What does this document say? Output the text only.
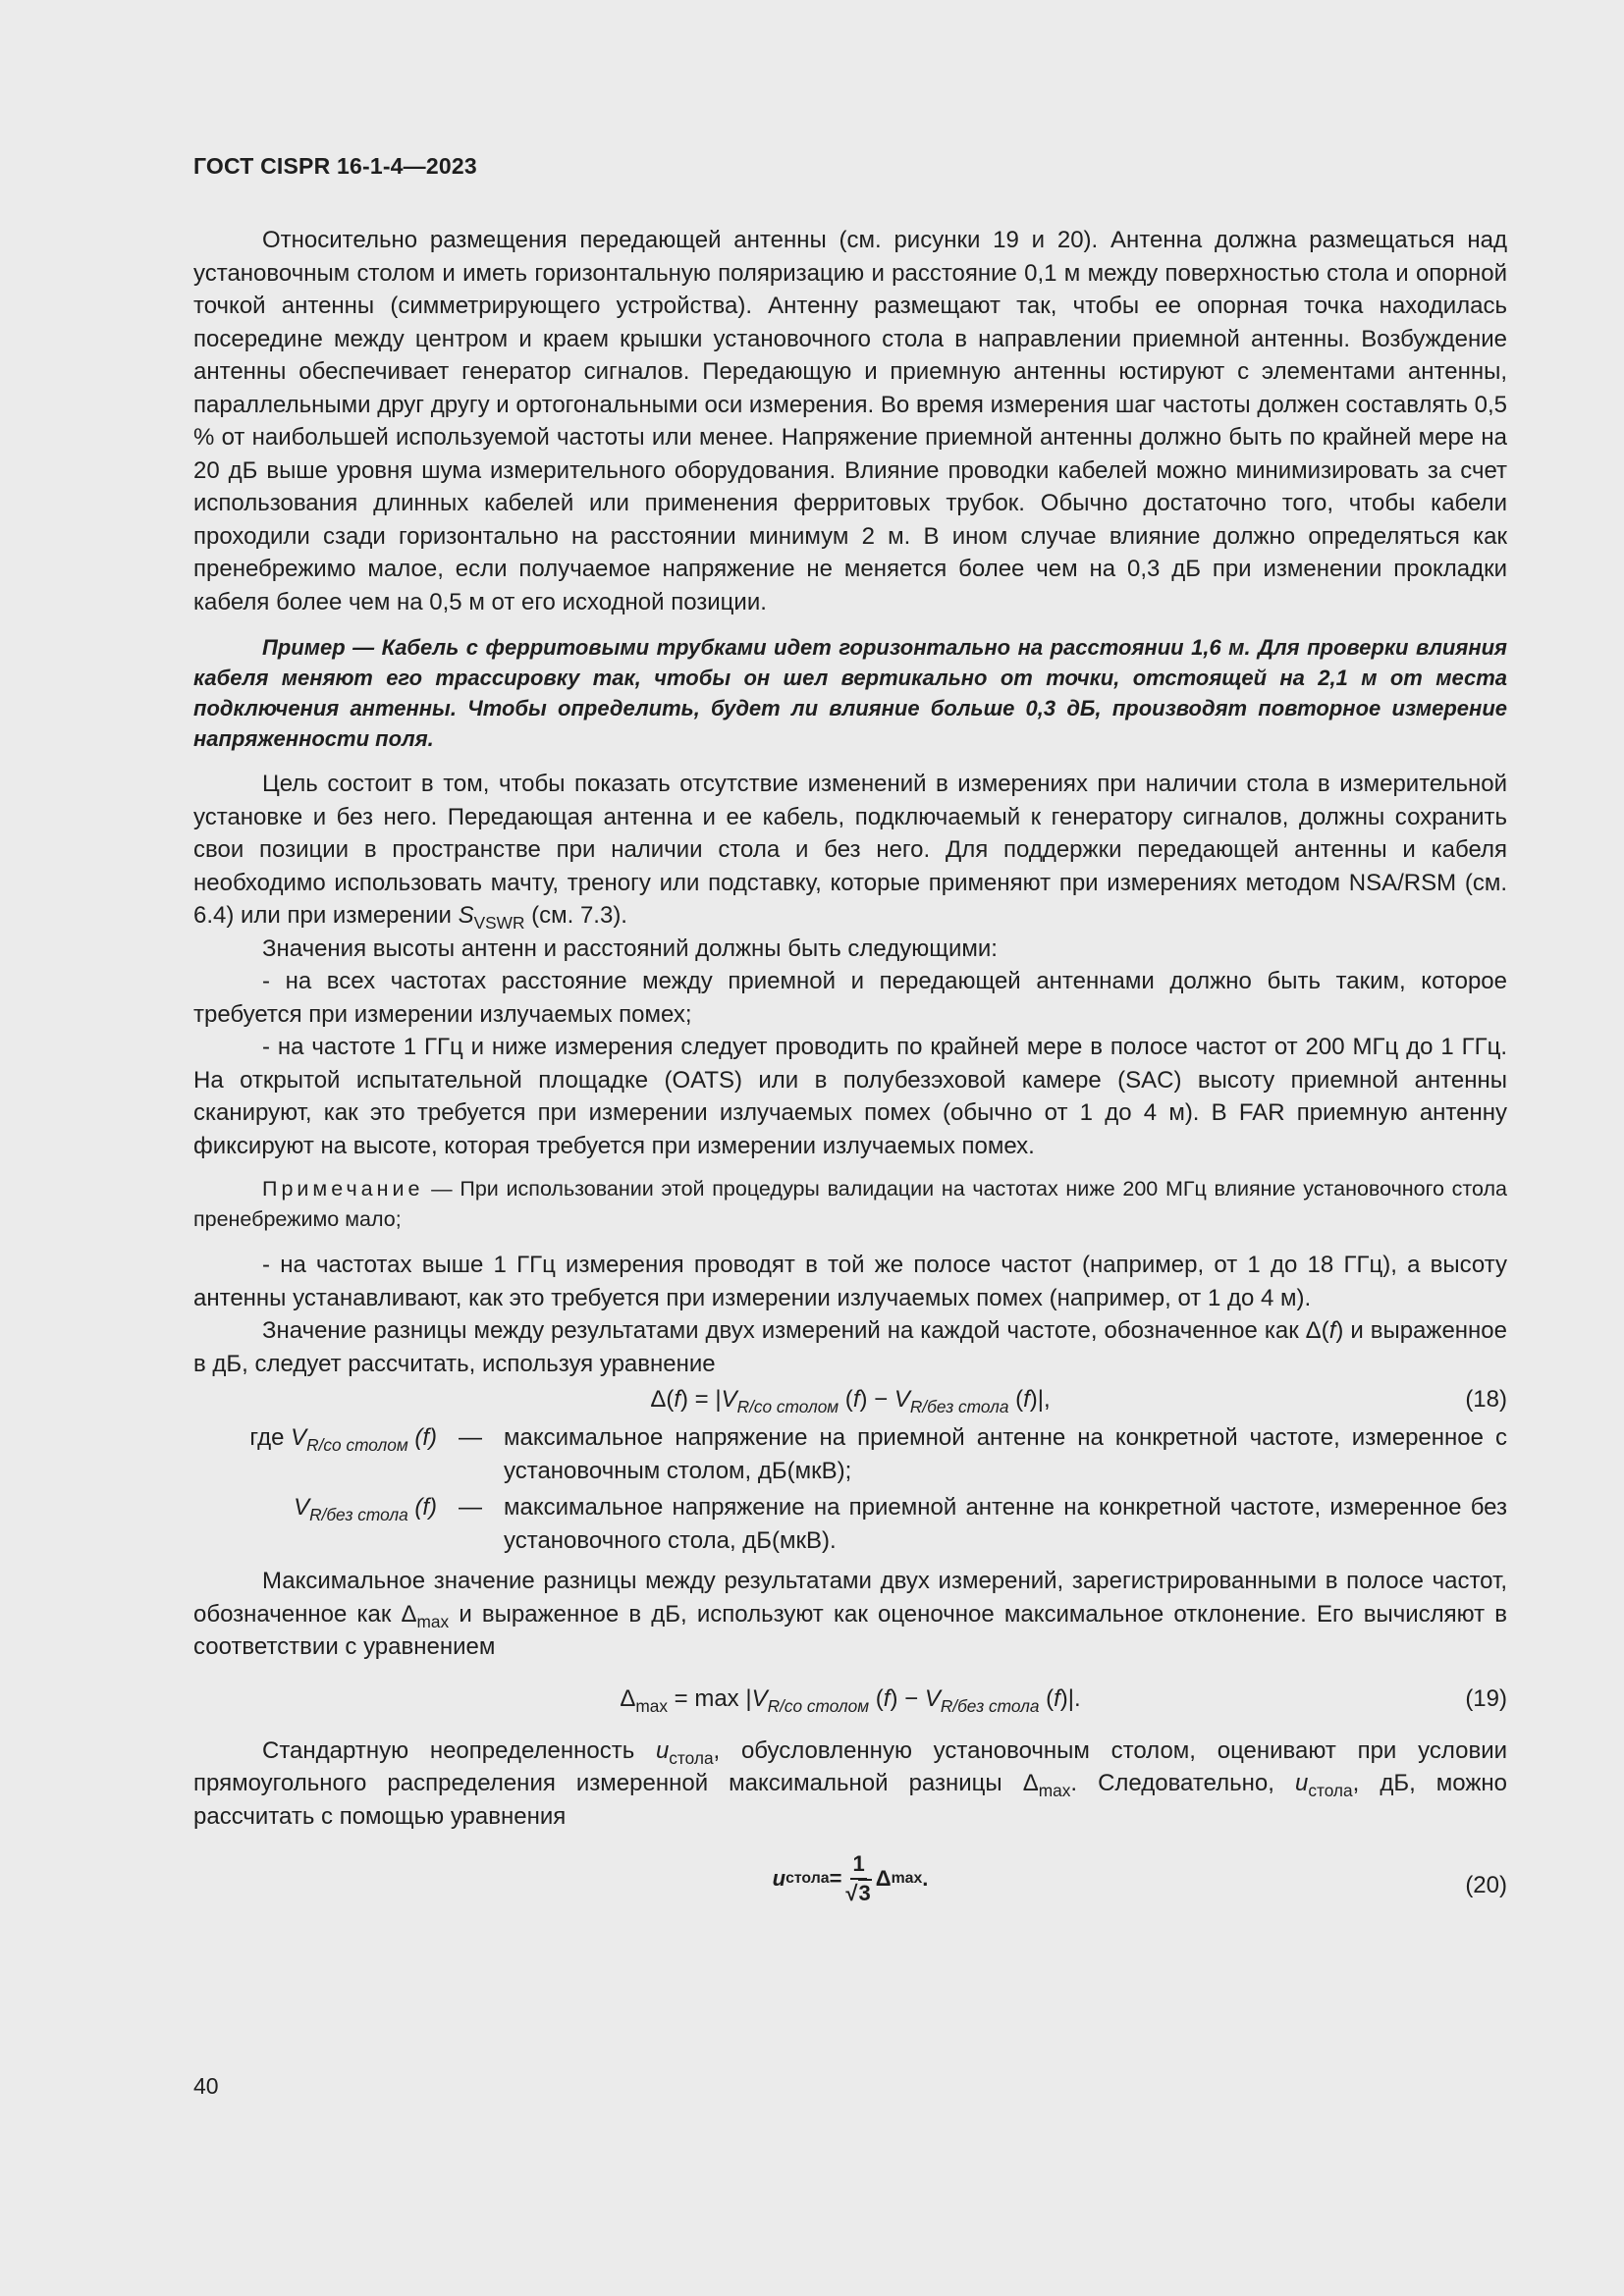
ГОСТ CISPR 16-1-4—2023

Относительно размещения передающей антенны (см. рисунки 19 и 20). Антенна должна размещаться над установочным столом и иметь горизонтальную поляризацию и расстояние 0,1 м между поверхностью стола и опорной точкой антенны (симметрирующего устройства). Антенну размещают так, чтобы ее опорная точка находилась посередине между центром и краем крышки установочного стола в направлении приемной антенны. Возбуждение антенны обеспечивает генератор сигналов. Передающую и приемную антенны юстируют с элементами антенны, параллельными друг другу и ортогональными оси измерения. Во время измерения шаг частоты должен составлять 0,5 % от наибольшей используемой частоты или менее. Напряжение приемной антенны должно быть по крайней мере на 20 дБ выше уровня шума измерительного оборудования. Влияние проводки кабелей можно минимизировать за счет использования длинных кабелей или применения ферритовых трубок. Обычно достаточно того, чтобы кабели проходили сзади горизонтально на расстоянии минимум 2 м. В ином случае влияние должно определяться как пренебрежимо малое, если получаемое напряжение не меняется более чем на 0,3 дБ при изменении прокладки кабеля более чем на 0,5 м от его исходной позиции.

Пример — Кабель с ферритовыми трубками идет горизонтально на расстоянии 1,6 м. Для проверки влияния кабеля меняют его трассировку так, чтобы он шел вертикально от точки, отстоящей на 2,1 м от места подключения антенны. Чтобы определить, будет ли влияние больше 0,3 дБ, производят повторное измерение напряженности поля.

Цель состоит в том, чтобы показать отсутствие изменений в измерениях при наличии стола в измерительной установке и без него. Передающая антенна и ее кабель, подключаемый к генератору сигналов, должны сохранить свои позиции в пространстве при наличии стола и без него. Для поддержки передающей антенны и кабеля необходимо использовать мачту, треногу или подставку, которые применяют при измерениях методом NSA/RSM (см. 6.4) или при измерении $S_{VSWR}$ (см. 7.3).

Значения высоты антенн и расстояний должны быть следующими:

- на всех частотах расстояние между приемной и передающей антеннами должно быть таким, которое требуется при измерении излучаемых помех;

- на частоте 1 ГГц и ниже измерения следует проводить по крайней мере в полосе частот от 200 МГц до 1 ГГц. На открытой испытательной площадке (OATS) или в полубезэховой камере (SAC) высоту приемной антенны сканируют, как это требуется при измерении излучаемых помех (обычно от 1 до 4 м). В FAR приемную антенну фиксируют на высоте, которая требуется при измерении излучаемых помех.

Примечание — При использовании этой процедуры валидации на частотах ниже 200 МГц влияние установочного стола пренебрежимо мало;

- на частотах выше 1 ГГц измерения проводят в той же полосе частот (например, от 1 до 18 ГГц), а высоту антенны устанавливают, как это требуется при измерении излучаемых помех (например, от 1 до 4 м).

Значение разницы между результатами двух измерений на каждой частоте, обозначенное как Δ(f) и выраженное в дБ, следует рассчитать, используя уравнение

$\Delta(f) = |V_{R/со столом}$ $(f) - V_{R/без стола}$ (f)|,	(18)
где $V_{R/со столом}$ (f) — максимальное напряжение на приемной антенне на конкретной частоте, измеренное с установочным столом, дБ(мкВ);
$V_{R/без стола}$ (f) — максимальное напряжение на приемной антенне на конкретной частоте, измеренное без установочного стола, дБ(мкВ).

Максимальное значение разницы между результатами двух измерений, зарегистрированными в полосе частот, обозначенное как $\Delta_{max}$ и выраженное в дБ, используют как оценочное максимальное отклонение. Его вычисляют в соответствии с уравнением

$\Delta_{max} = \max |V_{R/со столом}$ $(f) - V_{R/без стола}$ (f)|.	(19)

Стандартную неопределенность $u_{стола}$, обусловленную установочным столом, оценивают при условии прямоугольного распределения измеренной максимальной разницы $\Delta_{max}$. Следовательно, $u_{стола}$, дБ, можно рассчитать с помощью уравнения

u стола = $\frac{1}{√3}$ Δ max .	(20)
40
